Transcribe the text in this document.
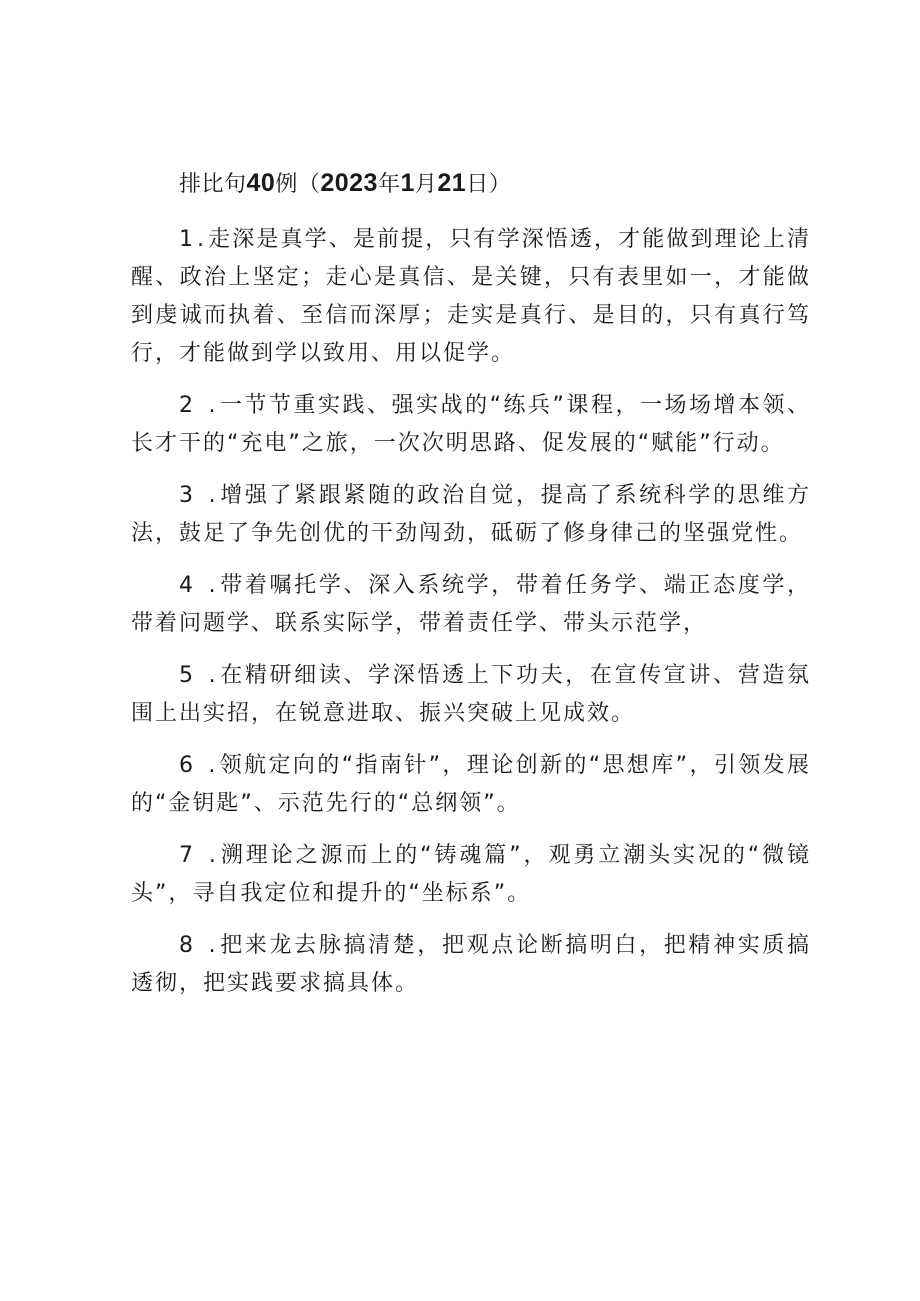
排比句40例（2023年1月21日）

1.走深是真学、是前提，只有学深悟透，才能做到理论上清醒、政治上坚定；走心是真信、是关键，只有表里如一，才能做到虔诚而执着、至信而深厚；走实是真行、是目的，只有真行笃行，才能做到学以致用、用以促学。

2 .一节节重实践、强实战的“练兵”课程，一场场增本领、长才干的“充电”之旅，一次次明思路、促发展的“赋能”行动。

3 .增强了紧跟紧随的政治自觉，提高了系统科学的思维方法，鼓足了争先创优的干劲闯劲，砥砺了修身律己的坚强党性。

4 .带着嘱托学、深入系统学，带着任务学、端正态度学，带着问题学、联系实际学，带着责任学、带头示范学，

5 .在精研细读、学深悟透上下功夫，在宣传宣讲、营造氛围上出实招，在锐意进取、振兴突破上见成效。

6 .领航定向的“指南针”，理论创新的“思想库”，引领发展的“金钥匙”、示范先行的“总纲领”。

7 .溯理论之源而上的“铸魂篇”，观勇立潮头实况的“微镜头”，寻自我定位和提升的“坐标系”。

8 .把来龙去脉搞清楚，把观点论断搞明白，把精神实质搞透彻，把实践要求搞具体。
